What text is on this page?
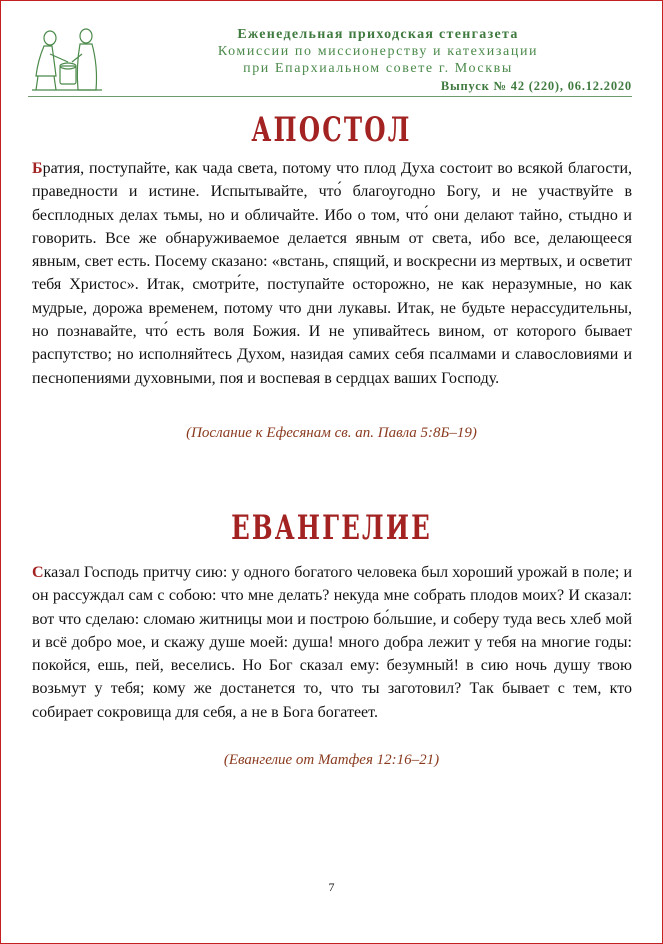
Еженедельная приходская стенгазета
Комиссии по миссионерству и катехизации
при Епархиальном совете г. Москвы
Выпуск № 42 (220), 06.12.2020
АПОСТОЛ
Братия, поступайте, как чада света, потому что плод Духа состоит во всякой благости, праведности и истине. Испытывайте, что́ благоугодно Богу, и не участвуйте в бесплодных делах тьмы, но и обличайте. Ибо о том, что́ они делают тайно, стыдно и говорить. Все же обнаруживаемое делается явным от света, ибо все, делающееся явным, свет есть. Посему сказано: «встань, спящий, и воскресни из мертвых, и осветит тебя Христос». Итак, смотри́те, поступайте осторожно, не как неразумные, но как мудрые, дорожа временем, потому что дни лукавы. Итак, не будьте нерассудительны, но познавайте, что́ есть воля Божия. И не упивайтесь вином, от которого бывает распутство; но исполняйтесь Духом, назидая самих себя псалмами и славословиями и песнопениями духовными, поя и воспевая в сердцах ваших Господу.
(Послание к Ефесянам св. ап. Павла 5:8Б–19)
ЕВАНГЕЛИЕ
Сказал Господь притчу сию: у одного богатого человека был хороший урожай в поле; и он рассуждал сам с собою: что мне делать? некуда мне собрать плодов моих? И сказал: вот что сделаю: сломаю житницы мои и построю бо́льшие, и соберу туда весь хлеб мой и всё добро мое, и скажу душе моей: душа! много добра лежит у тебя на многие годы: покойся, ешь, пей, веселись. Но Бог сказал ему: безумный! в сию ночь душу твою возьмут у тебя; кому же достанется то, что ты заготовил? Так бывает с тем, кто собирает сокровища для себя, а не в Бога богатеет.
(Евангелие от Матфея 12:16–21)
7
